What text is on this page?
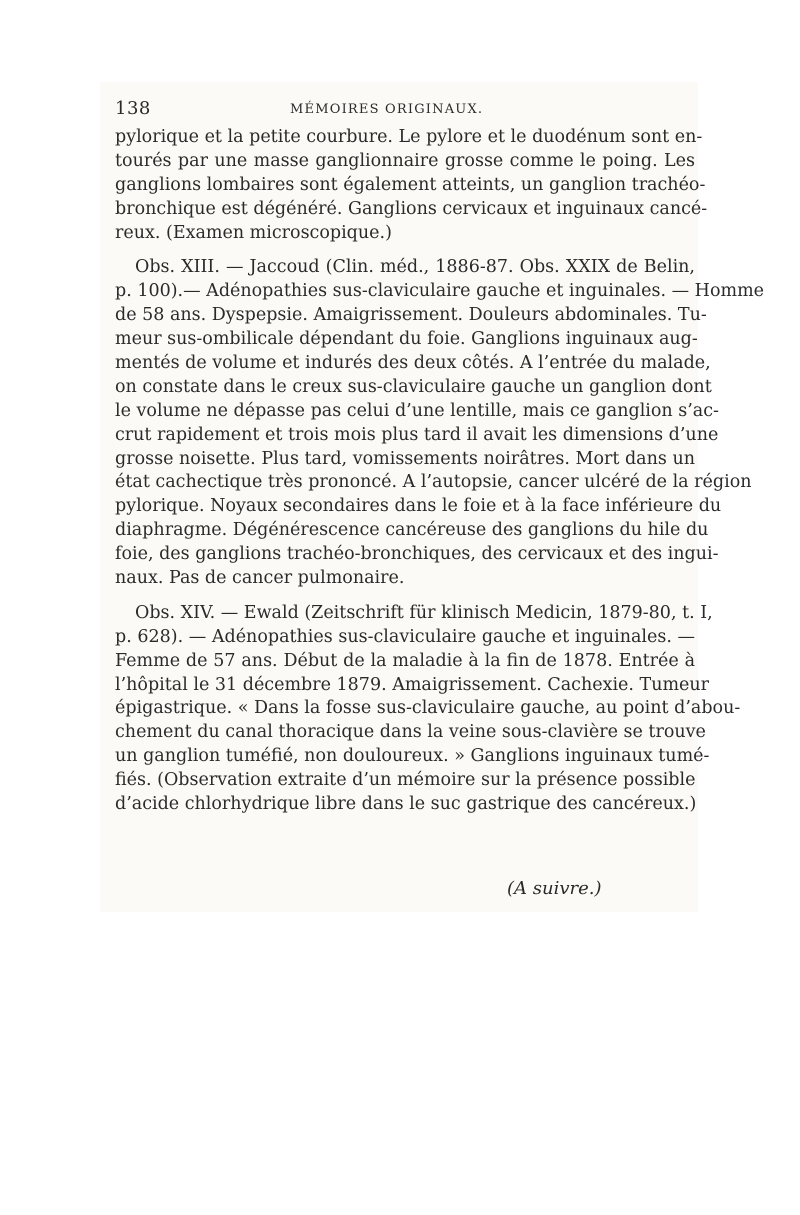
138	MÉMOIRES ORIGINAUX.
pylorique et la petite courbure. Le pylore et le duodénum sont en-
tourés par une masse ganglionnaire grosse comme le poing. Les
ganglions lombaires sont également atteints, un ganglion trachéo-
bronchique est dégénéré. Ganglions cervicaux et inguinaux cancé-
reux. (Examen microscopique.)
Obs. XIII. — Jaccoud (Clin. méd., 1886-87. Obs. XXIX de Belin,
p. 100).— Adénopathies sus-claviculaire gauche et inguinales. — Homme
de 58 ans. Dyspepsie. Amaigrissement. Douleurs abdominales. Tu-
meur sus-ombilicale dépendant du foie. Ganglions inguinaux aug-
mentés de volume et indurés des deux côtés. A l’entrée du malade,
on constate dans le creux sus-claviculaire gauche un ganglion dont
le volume ne dépasse pas celui d’une lentille, mais ce ganglion s’ac-
crut rapidement et trois mois plus tard il avait les dimensions d’une
grosse noisette. Plus tard, vomissements noirâtres. Mort dans un
état cachectique très prononcé. A l’autopsie, cancer ulcéré de la région
pylorique. Noyaux secondaires dans le foie et à la face inférieure du
diaphragme. Dégénérescence cancéreuse des ganglions du hile du
foie, des ganglions trachéo-bronchiques, des cervicaux et des ingui-
naux. Pas de cancer pulmonaire.
Obs. XIV. — Ewald (Zeitschrift für klinisch Medicin, 1879-80, t. I,
p. 628). — Adénopathies sus-claviculaire gauche et inguinales. —
Femme de 57 ans. Début de la maladie à la fin de 1878. Entrée à
l’hôpital le 31 décembre 1879. Amaigrissement. Cachexie. Tumeur
épigastrique. « Dans la fosse sus-claviculaire gauche, au point d’abou-
chement du canal thoracique dans la veine sous-clavière se trouve
un ganglion tuméfié, non douloureux. » Ganglions inguinaux tumé-
fiés. (Observation extraite d’un mémoire sur la présence possible
d’acide chlorhydrique libre dans le suc gastrique des cancéreux.)
(A suivre.)
